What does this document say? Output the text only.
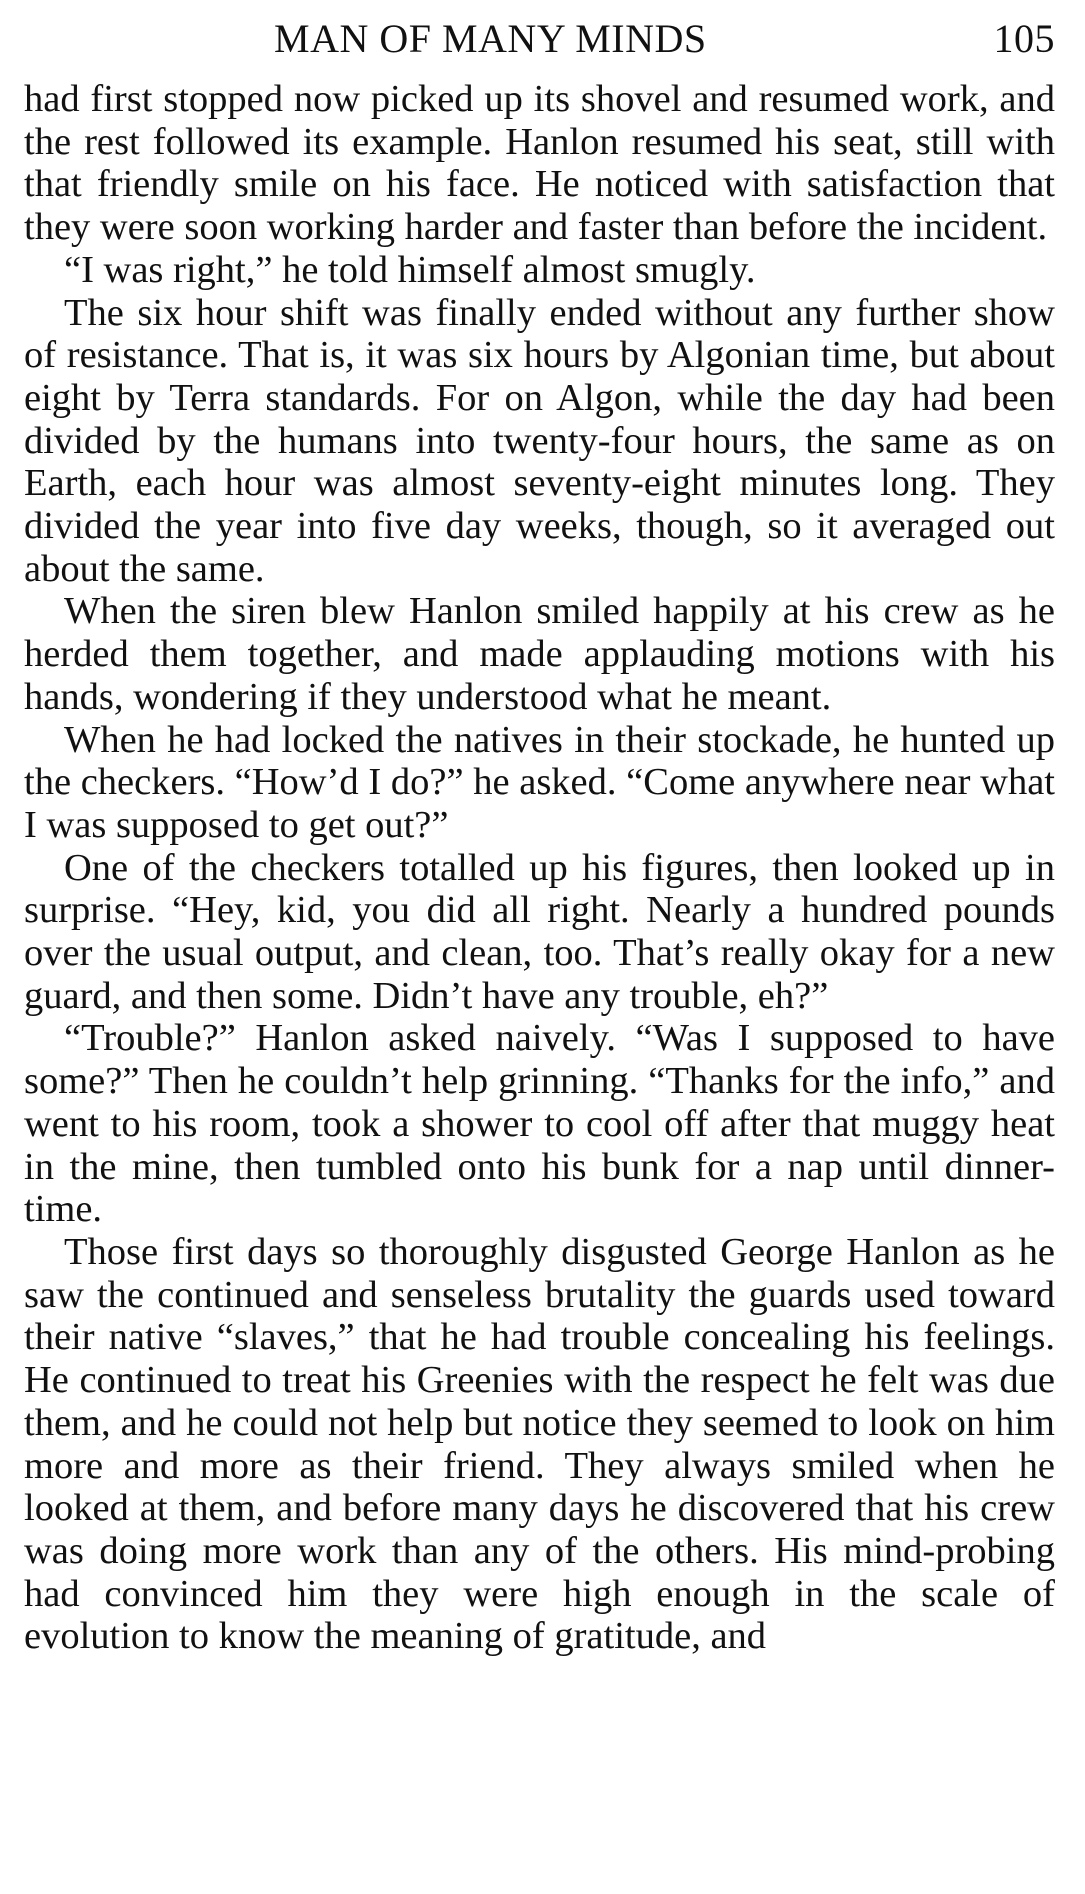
MAN OF MANY MINDS	105

had first stopped now picked up its shovel and resumed work, and the rest followed its example. Hanlon resumed his seat, still with that friendly smile on his face. He noticed with satisfaction that they were soon working harder and faster than before the incident.

“I was right,” he told himself almost smugly.

The six hour shift was finally ended without any further show of resistance. That is, it was six hours by Algonian time, but about eight by Terra standards. For on Algon, while the day had been divided by the humans into twenty-four hours, the same as on Earth, each hour was almost seventy-eight minutes long. They divided the year into five day weeks, though, so it averaged out about the same.

When the siren blew Hanlon smiled happily at his crew as he herded them together, and made applauding motions with his hands, wondering if they understood what he meant.

When he had locked the natives in their stockade, he hunted up the checkers. “How’d I do?” he asked. “Come anywhere near what I was supposed to get out?”

One of the checkers totalled up his figures, then looked up in surprise. “Hey, kid, you did all right. Nearly a hundred pounds over the usual output, and clean, too. That’s really okay for a new guard, and then some. Didn’t have any trouble, eh?”

“Trouble?” Hanlon asked naively. “Was I supposed to have some?” Then he couldn’t help grinning. “Thanks for the info,” and went to his room, took a shower to cool off after that muggy heat in the mine, then tumbled onto his bunk for a nap until dinner-time.

Those first days so thoroughly disgusted George Hanlon as he saw the continued and senseless brutality the guards used toward their native “slaves,” that he had trouble concealing his feelings. He continued to treat his Greenies with the respect he felt was due them, and he could not help but notice they seemed to look on him more and more as their friend. They always smiled when he looked at them, and before many days he discovered that his crew was doing more work than any of the others. His mind-probing had convinced him they were high enough in the scale of evolution to know the meaning of gratitude, and
